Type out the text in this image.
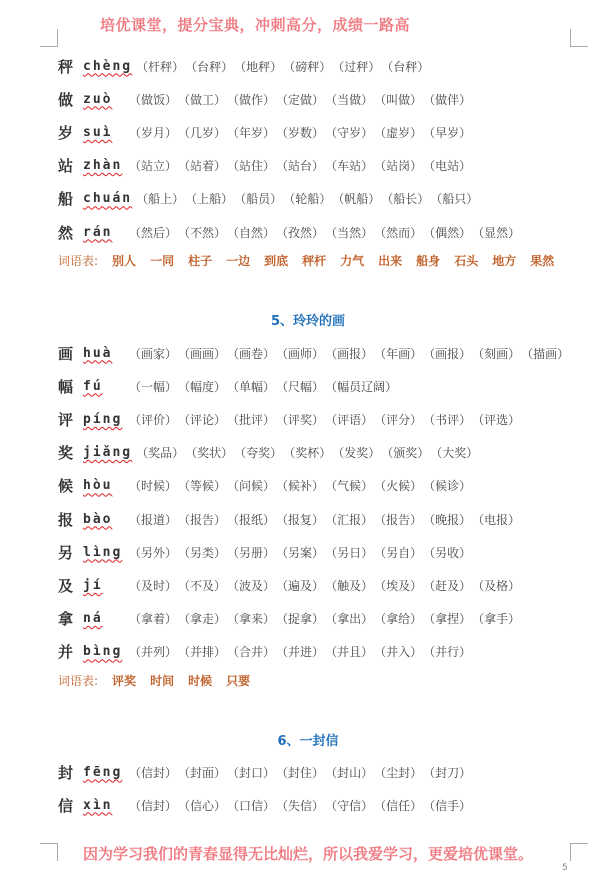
培优课堂，提分宝典，冲刺高分，成绩一路高
秤 chèng （杆秤） （台秤） （地秤） （磅秤） （过秤） （台秤）
做 zuò	（做饭） （做工） （做作） （定做） （当做） （叫做） （做伴）
岁 suì	（岁月） （几岁） （年岁） （岁数） （守岁） （虚岁） （早岁）
站 zhàn （站立） （站着） （站住） （站台） （车站） （站岗） （电站）
船 chuán （船上） （上船） （船员） （轮船） （帆船） （船长） （船只）
然 rán	（然后） （不然） （自然） （孜然） （当然） （然而） （偶然） （显然）
词语表: 别人 一同 柱子 一边 到底 秤杆 力气 出来 船身 石头 地方 果然
5、玲玲的画
画 huà	（画家） （画画） （画卷） （画师） （画报） （年画） （画报） （刻画） （描画）
幅 fú	（一幅） （幅度） （单幅） （尺幅） （幅员辽阔）
评 píng （评价） （评论） （批评） （评奖） （评语） （评分） （书评） （评选）
奖 jiǎng （奖品） （奖状） （夸奖） （奖杯） （发奖） （颁奖） （大奖）
候 hòu	（时候） （等候） （问候） （候补） （气候） （火候） （候诊）
报 bào	（报道） （报告） （报纸） （报复） （汇报） （报告） （晚报） （电报）
另 lìng （另外） （另类） （另册） （另案） （另日） （另自） （另收）
及 jí	（及时） （不及） （波及） （遍及） （触及） （埃及） （赶及） （及格）
拿 ná	（拿着） （拿走） （拿来） （捉拿） （拿出） （拿给） （拿捏） （拿手）
并 bìng （并列） （并排） （合并） （并进） （并且） （并入） （并行）
词语表: 评奖 时间 时候 只要
6、一封信
封 fēng （信封） （封面） （封口） （封住） （封山） （尘封） （封刀）
信 xìn	（信封） （信心） （口信） （失信） （守信） （信任） （信手）
因为学习我们的青春显得无比灿烂，所以我爱学习，更爱培优课堂。
5
